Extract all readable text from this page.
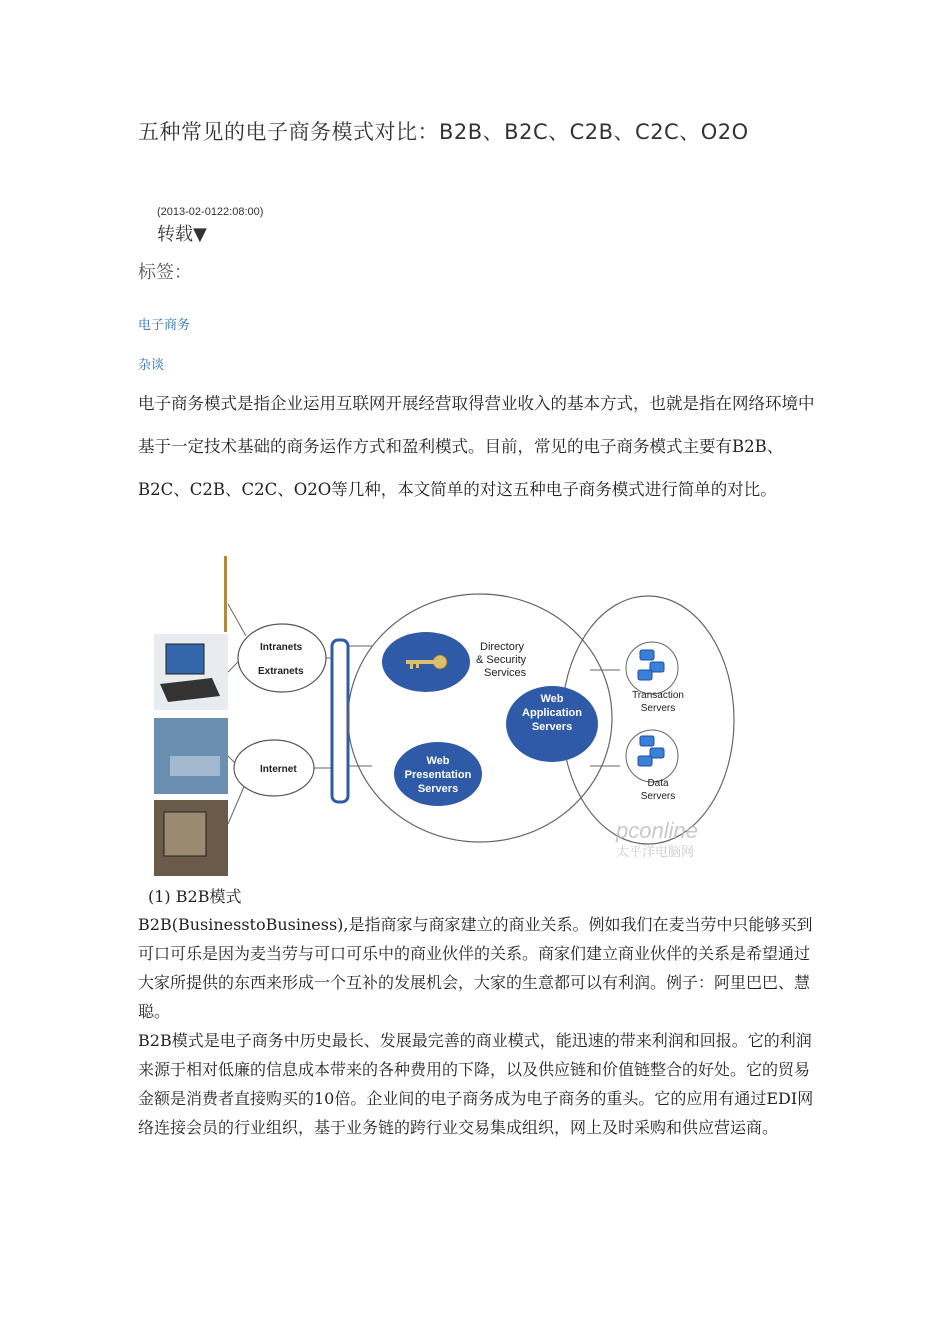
五种常见的电子商务模式对比：B2B、B2C、C2B、C2C、O2O
(2013-02-0122:08:00)
转载▼
标签：
电子商务
杂谈

电子商务模式是指企业运用互联网开展经营取得营业收入的基本方式，也就是指在网络环境中基于一定技术基础的商务运作方式和盈利模式。目前，常见的电子商务模式主要有B2B、B2C、C2B、C2C、O2O等几种，本文简单的对这五种电子商务模式进行简单的对比。

Intranets
Extranets
Internet
Directory
& Security
Services
Web
Application
Servers
Web
Presentation
Servers
Transaction
Servers
Data
Servers
pconline
太平洋电脑网
(1) B2B模式

B2B(BusinesstoBusiness),是指商家与商家建立的商业关系。例如我们在麦当劳中只能够买到可口可乐是因为麦当劳与可口可乐中的商业伙伴的关系。商家们建立商业伙伴的关系是希望通过大家所提供的东西来形成一个互补的发展机会，大家的生意都可以有利润。例子：阿里巴巴、慧聪。

B2B模式是电子商务中历史最长、发展最完善的商业模式，能迅速的带来利润和回报。它的利润来源于相对低廉的信息成本带来的各种费用的下降，以及供应链和价值链整合的好处。它的贸易金额是消费者直接购买的10倍。企业间的电子商务成为电子商务的重头。它的应用有通过EDI网络连接会员的行业组织，基于业务链的跨行业交易集成组织，网上及时采购和供应营运商。
